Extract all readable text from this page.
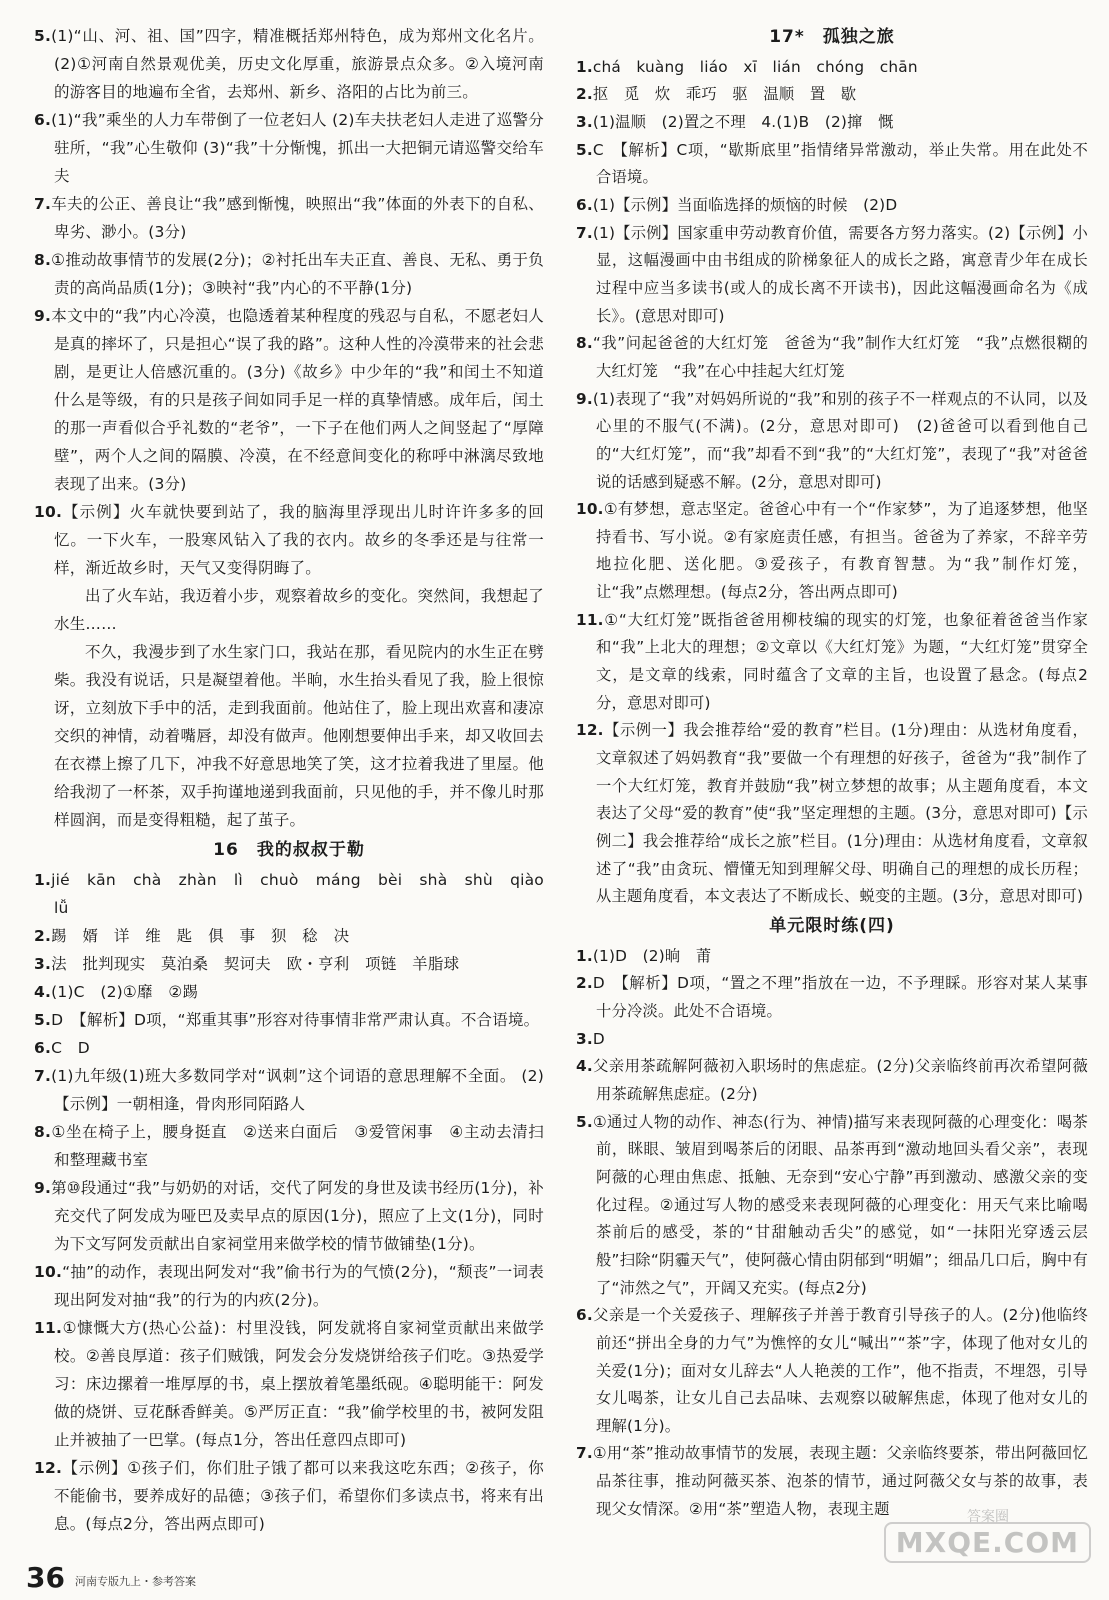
5.(1)“山、河、祖、国”四字，精准概括郑州特色，成为郑州文化名片。 (2)①河南自然景观优美，历史文化厚重，旅游景点众多。②入境河南的游客目的地遍布全省，去郑州、新乡、洛阳的占比为前三。

6.(1)“我”乘坐的人力车带倒了一位老妇人 (2)车夫扶老妇人走进了巡警分驻所，“我”心生敬仰 (3)“我”十分惭愧，抓出一大把铜元请巡警交给车夫

7.车夫的公正、善良让“我”感到惭愧，映照出“我”体面的外表下的自私、卑劣、渺小。(3分)

8.①推动故事情节的发展(2分)；②衬托出车夫正直、善良、无私、勇于负责的高尚品质(1分)；③映衬“我”内心的不平静(1分)

9.本文中的“我”内心冷漠，也隐透着某种程度的残忍与自私，不愿老妇人是真的摔坏了，只是担心“误了我的路”。这种人性的冷漠带来的社会悲剧，是更让人倍感沉重的。(3分)《故乡》中少年的“我”和闰土不知道什么是等级，有的只是孩子间如同手足一样的真挚情感。成年后，闰土的那一声看似合乎礼数的“老爷”，一下子在他们两人之间竖起了“厚障壁”，两个人之间的隔膜、冷漠，在不经意间变化的称呼中淋漓尽致地表现了出来。(3分)

10.【示例】火车就快要到站了，我的脑海里浮现出儿时许许多多的回忆。一下火车，一股寒风钻入了我的衣内。故乡的冬季还是与往常一样，渐近故乡时，天气又变得阴晦了。

出了火车站，我迈着小步，观察着故乡的变化。突然间，我想起了水生……

不久，我漫步到了水生家门口，我站在那，看见院内的水生正在劈柴。我没有说话，只是凝望着他。半晌，水生抬头看见了我，脸上很惊讶，立刻放下手中的活，走到我面前。他站住了，脸上现出欢喜和凄凉交织的神情，动着嘴唇，却没有做声。他刚想要伸出手来，却又收回去在衣襟上擦了几下，冲我不好意思地笑了笑，这才拉着我进了里屋。他给我沏了一杯茶，双手拘谨地递到我面前，只见他的手，并不像儿时那样圆润，而是变得粗糙，起了茧子。

16　我的叔叔于勒

1.jié　kān　chà　zhàn　lì　chuò　máng　bèi　shà　shù　qiào　lǚ

2.踢　婿　详　维　匙　俱　事　狈　稔　决

3.法　批判现实　莫泊桑　契诃夫　欧・亨利　项链　羊脂球

4.(1)C　(2)①靡　②踢

5.D　【解析】D项，“郑重其事”形容对待事情非常严肃认真。不合语境。

6.C　D

7.(1)九年级(1)班大多数同学对“讽刺”这个词语的意思理解不全面。 (2)【示例】一朝相逢，骨肉形同陌路人

8.①坐在椅子上，腰身挺直　②送来白面后　③爱管闲事　④主动去清扫和整理藏书室

9.第⑩段通过“我”与奶奶的对话，交代了阿发的身世及读书经历(1分)，补充交代了阿发成为哑巴及卖早点的原因(1分)，照应了上文(1分)，同时为下文写阿发贡献出自家祠堂用来做学校的情节做铺垫(1分)。

10.“抽”的动作，表现出阿发对“我”偷书行为的气愤(2分)，“颓丧”一词表现出阿发对抽“我”的行为的内疚(2分)。

11.①慷慨大方(热心公益)：村里没钱，阿发就将自家祠堂贡献出来做学校。②善良厚道：孩子们贼饿，阿发会分发烧饼给孩子们吃。③热爱学习：床边摞着一堆厚厚的书，桌上摆放着笔墨纸砚。④聪明能干：阿发做的烧饼、豆花酥香鲜美。⑤严厉正直：“我”偷学校里的书，被阿发阻止并被抽了一巴掌。(每点1分，答出任意四点即可)

12.【示例】①孩子们，你们肚子饿了都可以来我这吃东西；②孩子，你不能偷书，要养成好的品德；③孩子们，希望你们多读点书，将来有出息。(每点2分，答出两点即可)

17*　孤独之旅

1.chá　kuàng　liáo　xī　lián　chóng　chān

2.抠　觅　炊　乖巧　驱　温顺　置　歇

3.(1)温顺　(2)置之不理　4.(1)B　(2)撺　慨

5.C　【解析】C项，“歇斯底里”指情绪异常激动，举止失常。用在此处不合语境。

6.(1)【示例】当面临选择的烦恼的时候　(2)D

7.(1)【示例】国家重申劳动教育价值，需要各方努力落实。(2)【示例】小显，这幅漫画中由书组成的阶梯象征人的成长之路，寓意青少年在成长过程中应当多读书(或人的成长离不开读书)，因此这幅漫画命名为《成长》。(意思对即可)

8.“我”问起爸爸的大红灯笼　爸爸为“我”制作大红灯笼　“我”点燃很糊的大红灯笼　“我”在心中挂起大红灯笼

9.(1)表现了“我”对妈妈所说的“我”和别的孩子不一样观点的不认同，以及心里的不服气(不满)。(2分，意思对即可)　(2)爸爸可以看到他自己的“大红灯笼”，而“我”却看不到“我”的“大红灯笼”，表现了“我”对爸爸说的话感到疑惑不解。(2分，意思对即可)

10.①有梦想，意志坚定。爸爸心中有一个“作家梦”，为了追逐梦想，他坚持看书、写小说。②有家庭责任感，有担当。爸爸为了养家，不辞辛劳地拉化肥、送化肥。③爱孩子，有教育智慧。为“我”制作灯笼，让“我”点燃理想。(每点2分，答出两点即可)

11.①“大红灯笼”既指爸爸用柳枝编的现实的灯笼，也象征着爸爸当作家和“我”上北大的理想；②文章以《大红灯笼》为题，“大红灯笼”贯穿全文，是文章的线索，同时蕴含了文章的主旨，也设置了悬念。(每点2分，意思对即可)

12.【示例一】我会推荐给“爱的教育”栏目。(1分)理由：从选材角度看，文章叙述了妈妈教育“我”要做一个有理想的好孩子，爸爸为“我”制作了一个大红灯笼，教育并鼓励“我”树立梦想的故事；从主题角度看，本文表达了父母“爱的教育”使“我”坚定理想的主题。(3分，意思对即可)【示例二】我会推荐给“成长之旅”栏目。(1分)理由：从选材角度看，文章叙述了“我”由贪玩、懵懂无知到理解父母、明确自己的理想的成长历程；从主题角度看，本文表达了不断成长、蜕变的主题。(3分，意思对即可)

单元限时练(四)

1.(1)D　(2)晌　莆

2.D　【解析】D项，“置之不理”指放在一边，不予理睬。形容对某人某事十分冷淡。此处不合语境。

3.D

4.父亲用茶疏解阿薇初入职场时的焦虑症。(2分)父亲临终前再次希望阿薇用茶疏解焦虑症。(2分)

5.①通过人物的动作、神态(行为、神情)描写来表现阿薇的心理变化：喝茶前，眯眼、皱眉到喝茶后的闭眼、品茶再到“激动地回头看父亲”，表现阿薇的心理由焦虑、抵触、无奈到“安心宁静”再到激动、感激父亲的变化过程。②通过写人物的感受来表现阿薇的心理变化：用天气来比喻喝茶前后的感受，茶的“甘甜触动舌尖”的感觉，如“一抹阳光穿透云层般”扫除“阴霾天气”，使阿薇心情由阴郁到“明媚”；细品几口后，胸中有了“沛然之气”，开阔又充实。(每点2分)

6.父亲是一个关爱孩子、理解孩子并善于教育引导孩子的人。(2分)他临终前还“拼出全身的力气”为憔悴的女儿“喊出”“茶”字，体现了他对女儿的关爱(1分)；面对女儿辞去“人人艳羡的工作”，他不指责，不埋怨，引导女儿喝茶，让女儿自己去品味、去观察以破解焦虑，体现了他对女儿的理解(1分)。

7.①用“茶”推动故事情节的发展，表现主题：父亲临终要茶，带出阿薇回忆品茶往事，推动阿薇买茶、泡茶的情节，通过阿薇父女与茶的故事，表现父女情深。②用“茶”塑造人物，表现主题

36 河南专版九上・参考答案
答案圈
MXQE.COM
